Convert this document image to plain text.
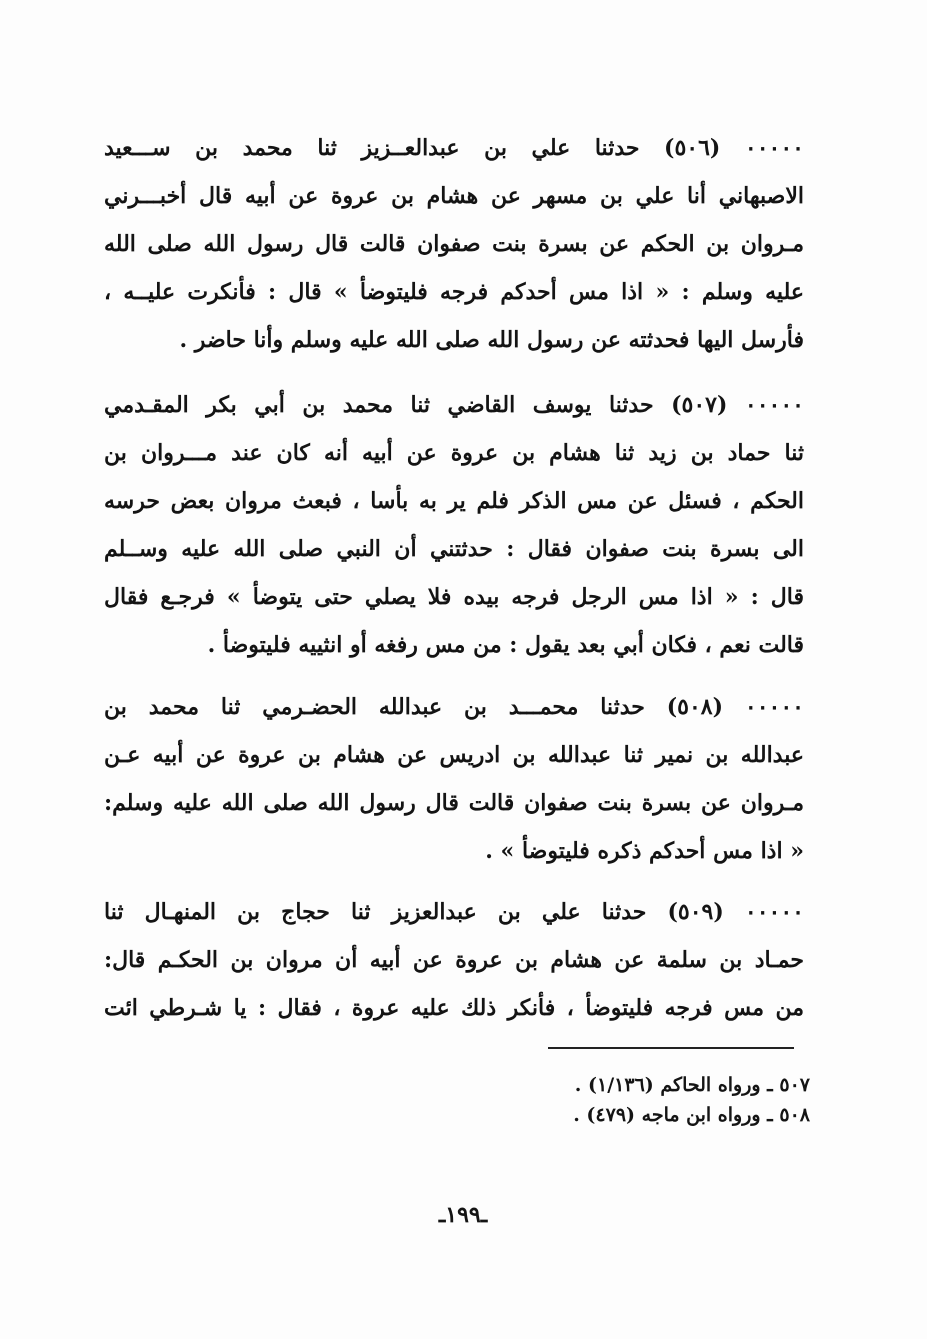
٠٠٠٠٠ (٥٠٦) حدثنا علي بن عبدالعــزيز ثنا محمد بن ســـعيد
الاصبهاني أنا علي بن مسهر عن هشام بن عروة عن أبيه قال أخبـــرني
مـروان بن الحكم عن بسرة بنت صفوان قالت قال رسول الله صلى الله
عليه وسلم : « اذا مس أحدكم فرجه فليتوضأ » قال : فأنكرت عليــه ،
فأرسل اليها فحدثته عن رسول الله صلى الله عليه وسلم وأنا حاضر .
٠٠٠٠٠ (٥٠٧) حدثنا يوسف القاضي ثنا محمد بن أبي بكر المقـدمي
ثنا حماد بن زيد ثنا هشام بن عروة عن أبيه أنه كان عند مـــروان بن
الحكم ، فسئل عن مس الذكر فلم ير به بأسا ، فبعث مروان بعض حرسه
الى بسرة بنت صفوان فقال : حدثتني أن النبي صلى الله عليه وســلم
قال : « اذا مس الرجل فرجه بيده فلا يصلي حتى يتوضأ » فرجـع فقال
قالت نعم ، فكان أبي بعد يقول : من مس رفغه أو انثييه فليتوضأ .
٠٠٠٠٠ (٥٠٨) حدثنا محمـــد بن عبدالله الحضـرمي ثنا محمد بن
عبدالله بن نمير ثنا عبدالله بن ادريس عن هشام بن عروة عن أبيه عـن
مـروان عن بسرة بنت صفوان قالت قال رسول الله صلى الله عليه وسلم:
« اذا مس أحدكم ذكره فليتوضأ » .
٠٠٠٠٠ (٥٠٩) حدثنا علي بن عبدالعزيز ثنا حجاج بن المنهـال ثنا
حمـاد بن سلمة عن هشام بن عروة عن أبيه أن مروان بن الحكـم قال:
من مس فرجه فليتوضأ ، فأنكر ذلك عليه عروة ، فقال : يا شـرطي ائت
٥٠٧ ـ ورواه الحاكم (١/١٣٦) .
٥٠٨ ـ ورواه ابن ماجه (٤٧٩) .
ـ١٩٩ـ
